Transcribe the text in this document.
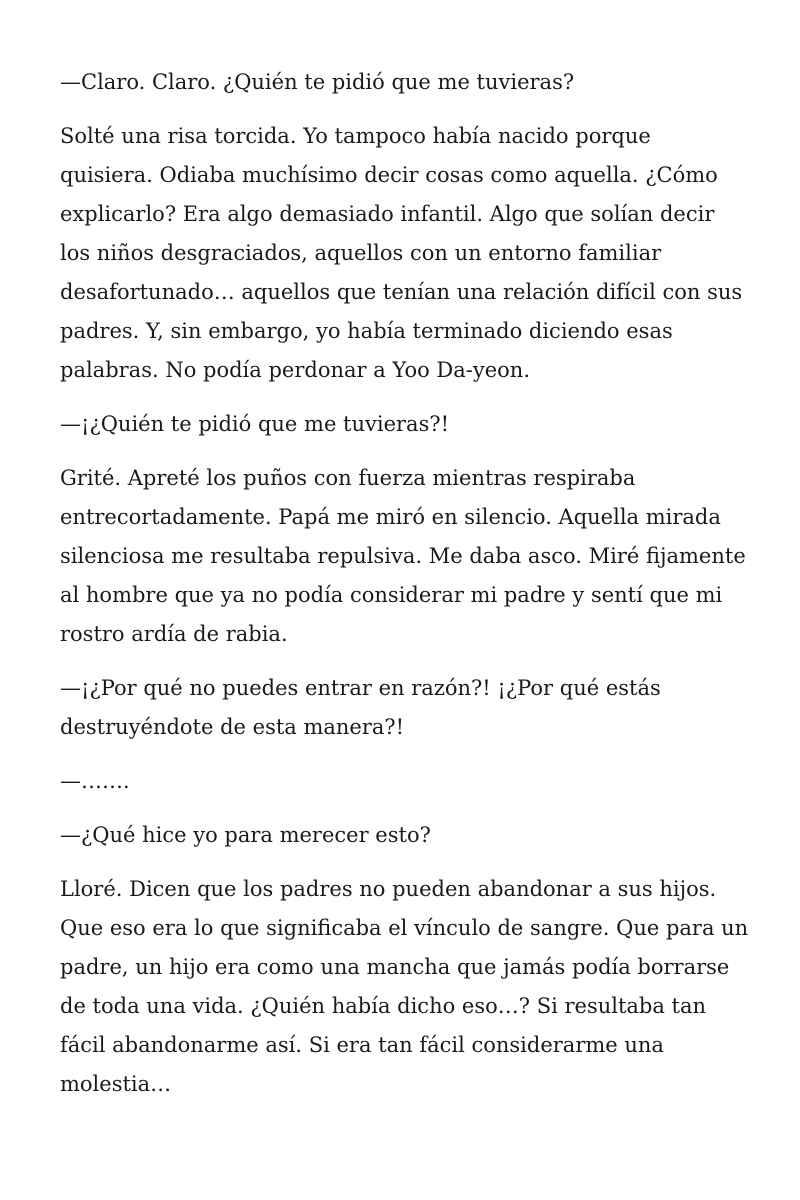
—Claro. Claro. ¿Quién te pidió que me tuvieras?

Solté una risa torcida. Yo tampoco había nacido porque quisiera. Odiaba muchísimo decir cosas como aquella. ¿Cómo explicarlo? Era algo demasiado infantil. Algo que solían decir los niños desgraciados, aquellos con un entorno familiar desafortunado… aquellos que tenían una relación difícil con sus padres. Y, sin embargo, yo había terminado diciendo esas palabras. No podía perdonar a Yoo Da-yeon.

—¡¿Quién te pidió que me tuvieras?!

Grité. Apreté los puños con fuerza mientras respiraba entrecortadamente. Papá me miró en silencio. Aquella mirada silenciosa me resultaba repulsiva. Me daba asco. Miré fijamente al hombre que ya no podía considerar mi padre y sentí que mi rostro ardía de rabia.

—¡¿Por qué no puedes entrar en razón?! ¡¿Por qué estás destruyéndote de esta manera?!

—…….

—¿Qué hice yo para merecer esto?

Lloré. Dicen que los padres no pueden abandonar a sus hijos. Que eso era lo que significaba el vínculo de sangre. Que para un padre, un hijo era como una mancha que jamás podía borrarse de toda una vida. ¿Quién había dicho eso…? Si resultaba tan fácil abandonarme así. Si era tan fácil considerarme una molestia…
